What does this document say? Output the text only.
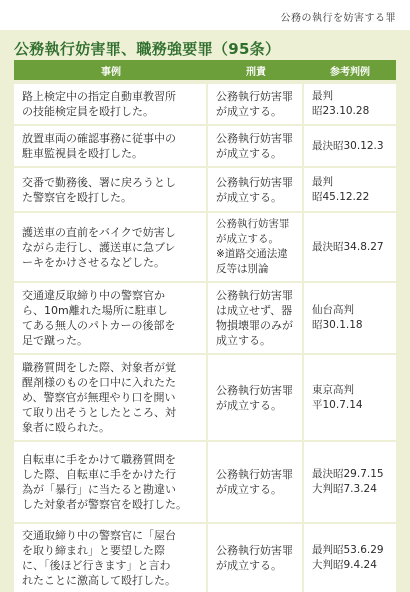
公務の執行を妨害する罪
公務執行妨害罪、職務強要罪（95条）
事例	刑責	参考判例
路上検定中の指定自動車教習所
の技能検定員を殴打した。
公務執行妨害罪
が成立する。
最判
昭23.10.28
放置車両の確認事務に従事中の
駐車監視員を殴打した。
公務執行妨害罪
が成立する。
最決昭30.12.3
交番で勤務後、署に戻ろうとし
た警察官を殴打した。
公務執行妨害罪
が成立する。
最判
昭45.12.22
護送車の直前をバイクで妨害し
ながら走行し、護送車に急ブレ
ーキをかけさせるなどした。
公務執行妨害罪
が成立する。
※道路交通法違
反等は別論
最決昭34.8.27
交通違反取締り中の警察官か
ら、10m離れた場所に駐車し
てある無人のパトカーの後部を
足で蹴った。
公務執行妨害罪
は成立せず、器
物損壊罪のみが
成立する。
仙台高判
昭30.1.18
職務質問をした際、対象者が覚
醒剤様のものを口中に入れたた
め、警察官が無理やり口を開い
て取り出そうとしたところ、対
象者に殴られた。
公務執行妨害罪
が成立する。
東京高判
平10.7.14
自転車に手をかけて職務質問を
した際、自転車に手をかけた行
為が「暴行」に当たると勘違い
した対象者が警察官を殴打した。
公務執行妨害罪
が成立する。
最決昭29.7.15
大判昭7.3.24
交通取締り中の警察官に「屋台
を取り締まれ」と要望した際
に、「後ほど行きます」と言わ
れたことに激高して殴打した。
公務執行妨害罪
が成立する。
最判昭53.6.29
大判昭9.4.24
